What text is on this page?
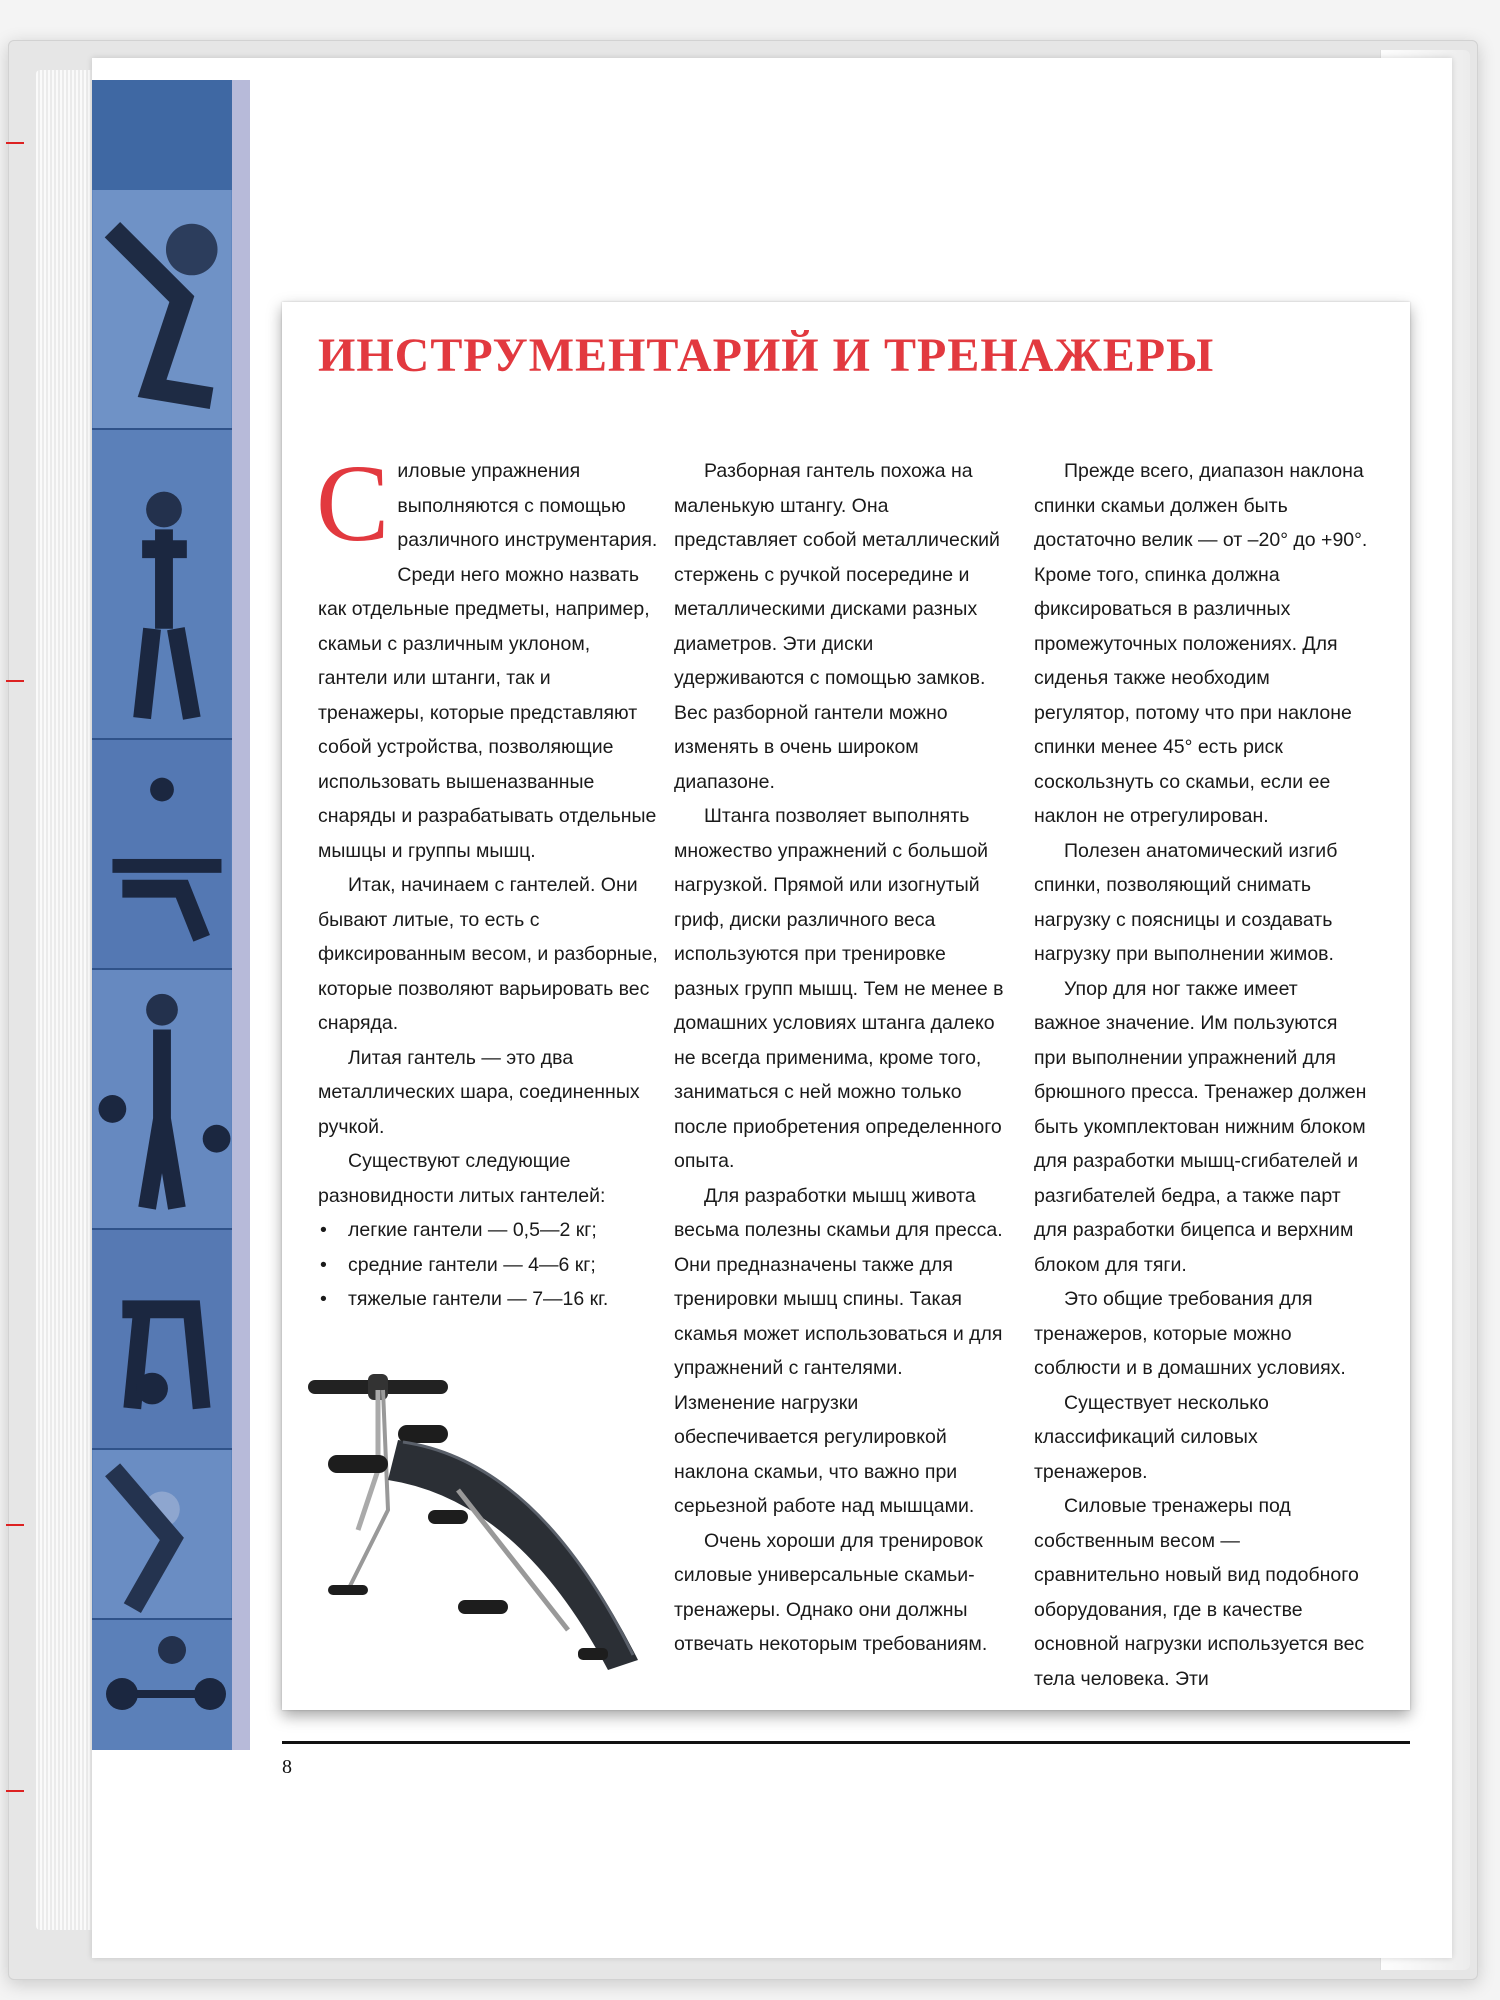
ИНСТРУМЕНТАРИЙ И ТРЕНАЖЕРЫ
С иловые упражнения выполняются с помощью различного инструментария. Среди него можно назвать как отдельные предметы, например, скамьи с различным уклоном, гантели или штанги, так и тренажеры, которые представляют собой устройства, позволяющие использовать вышеназванные снаряды и разрабатывать отдельные мышцы и группы мышц.

Итак, начинаем с гантелей. Они бывают литые, то есть с фиксированным весом, и разборные, которые позволяют варьировать вес снаряда.

Литая гантель — это два металлических шара, соединенных ручкой.

Существуют следующие разновидности литых гантелей:

• легкие гантели — 0,5—2 кг;
• средние гантели — 4—6 кг;
• тяжелые гантели — 7—16 кг.

Разборная гантель похожа на маленькую штангу. Она представляет собой металлический стержень с ручкой посередине и металлическими дисками разных диаметров. Эти диски удерживаются с помощью замков. Вес разборной гантели можно изменять в очень широком диапазоне.

Штанга позволяет выполнять множество упражнений с большой нагрузкой. Прямой или изогнутый гриф, диски различного веса используются при тренировке разных групп мышц. Тем не менее в домашних условиях штанга далеко не всегда применима, кроме того, заниматься с ней можно только после приобретения определенного опыта.

Для разработки мышц живота весьма полезны скамьи для пресса. Они предназначены также для тренировки мышц спины. Такая скамья может использоваться и для упражнений с гантелями. Изменение нагрузки обеспечивается регулировкой наклона скамьи, что важно при серьезной работе над мышцами.

Очень хороши для тренировок силовые универсальные скамьи-тренажеры. Однако они должны отвечать некоторым требованиям.

Прежде всего, диапазон наклона спинки скамьи должен быть достаточно велик — от –20° до +90°. Кроме того, спинка должна фиксироваться в различных промежуточных положениях. Для сиденья также необходим регулятор, потому что при наклоне спинки менее 45° есть риск соскользнуть со скамьи, если ее наклон не отрегулирован.

Полезен анатомический изгиб спинки, позволяющий снимать нагрузку с поясницы и создавать нагрузку при выполнении жимов.

Упор для ног также имеет важное значение. Им пользуются при выполнении упражнений для брюшного пресса. Тренажер должен быть укомплектован нижним блоком для разработки мышц-сгибателей и разгибателей бедра, а также парт для разработки бицепса и верхним блоком для тяги.

Это общие требования для тренажеров, которые можно соблюсти и в домашних условиях.

Существует несколько классификаций силовых тренажеров.

Силовые тренажеры под собственным весом — сравнительно новый вид подобного оборудования, где в качестве основной нагрузки используется вес тела человека. Эти

8
